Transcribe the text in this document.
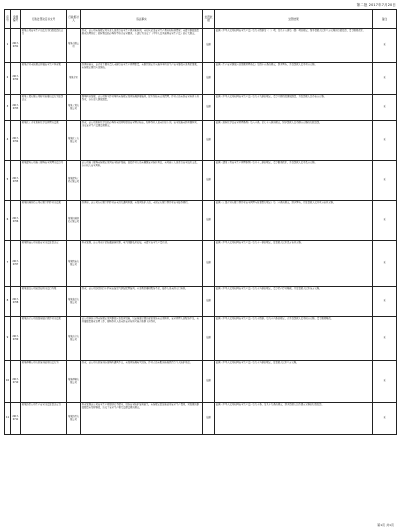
第二批 2017年7月20日
序号	受理编号	行政处罚决定书文号	行政相对人	违法事实	处罚依据	处罚结果	备注
1	2017-0701	某某公司安全生产违法行为行政处罚决定书	某某有限公司	经查，该公司未按规定对从业人员进行安全生产教育和培训，未如实记录安全生产教育和培训情况；未建立事故隐患排查治理制度；危险物品储存场所不符合安全要求。上述行为违反了《中华人民共和国安全生产法》的有关规定。	依据	依据《中华人民共和国安全生产法》第九十四条第（三）项、第九十八条第（四）项的规定，给予罚款人民币叁万元整的行政处罚，责令限期改正。	无
2	2017-0702	某某企业未按规定开展安全生产检查案	某某企业	经调查核实，该企业主要负责人未履行安全生产管理职责，未组织制定并实施本单位的生产安全事故应急救援预案，未按规定组织应急演练。	依据	依据《生产安全事故应急预案管理办法》第四十五条的规定，给予警告，并处罚款人民币壹万元整。	无
3	2017-0703	某某工贸有限公司粉尘防爆违法行为处罚决定	某某工贸有限公司	现场检查发现，该公司粉尘作业场所未按规定设置防爆泄爆装置，除尘系统未定期清理，作业人员未经安全培训上岗作业，存在重大事故隐患。	依据	依据《中华人民共和国安全生产法》第九十九条的规定，责令立即消除事故隐患，并处罚款人民币伍万元整。	无
4	2017-0704	某某化工企业危险化学品管理违法案	某某化工有限公司	经查，该公司危险化学品储存场所未设置明显的安全警示标志，特种作业人员未持证上岗，安全设施未经检测检验，违反安全生产法律法规规定。	依据	依据《危险化学品安全管理条例》第八十条、第七十八条的规定，给予罚款人民币捌万元整的行政处罚。	无
5	2017-0705	某某建筑公司施工现场安全管理违法行为	某某建筑工程有限公司	该公司施工现场未按规定设置安全防护设施，高处作业人员未佩戴安全防护用品，未对施工人员进行安全技术交底，存在较大安全风险。	依据	依据《建设工程安全生产管理条例》第六十二条的规定，责令限期改正，并处罚款人民币贰万元整。	无
6	2017-0706	某某机械制造公司有限空间作业违法案	某某机械制造有限公司	经调查，该公司在有限空间作业前未进行通风检测，未设置监护人员，未制定有限空间作业安全操作规程。	依据	依据《工贸企业有限空间作业安全管理与监督暂行规定》第三十条的规定，给予警告，并处罚款人民币壹万伍仟元整。	无
7	2017-0707	某某物流公司仓储安全违法处罚决定	某某物流有限公司	检查发现，该公司仓库消防通道被堵塞，电气线路私拉乱接，未建立安全生产责任制。	依据	依据《中华人民共和国安全生产法》第九十一条的规定，处罚款人民币贰万伍仟元整。	无
8	2017-0708	某某食品公司液氨使用违法行为案	某某食品有限公司	经查，该公司涉氨制冷车间未安装氨气泄漏报警装置，应急救援器材配备不足，操作人员未经专门培训。	依据	依据《中华人民共和国安全生产法》第九十六条的规定，责令停产停业整顿，并处罚款人民币伍万元整。	无
9	2017-0709	某某冶金公司高温熔融金属作业违法案	某某冶金有限公司	该公司熔炼车间未按规定设置事故应急处置设施，吊运熔融金属的起重设备未定期检验，安全管理人员配备不足，未开展隐患排查治理工作，现场作业人员未经安全培训考核合格即上岗作业。	依据	依据《中华人民共和国安全生产法》第九十四条、第九十六条的规定，合并处罚款人民币拾万元整，责令限期整改。	无
10	2017-0710	某某印刷公司有机溶剂使用违法行为	某某印刷有限公司	经查，该公司有机溶剂存放场所通风不良，未设置防爆电气设备，作业人员未配备防毒面具等个人防护用品。	依据	依据《中华人民共和国安全生产法》第九十六条的规定，处罚款人民币叁万元整。	无
11	2017-0711	某某纺织公司生产安全违法处罚决定书	某某纺织有限公司	检查发现该公司安全生产规章制度不健全，设备安全防护装置缺失，未按规定提取和使用安全生产费用，对发现的事故隐患未及时整改，违反了安全生产相关法律法规的规定。	依据	依据《中华人民共和国安全生产法》第九十条、第九十九条的规定，给予罚款人民币肆万元整的行政处罚。	无
第1页 共1页
